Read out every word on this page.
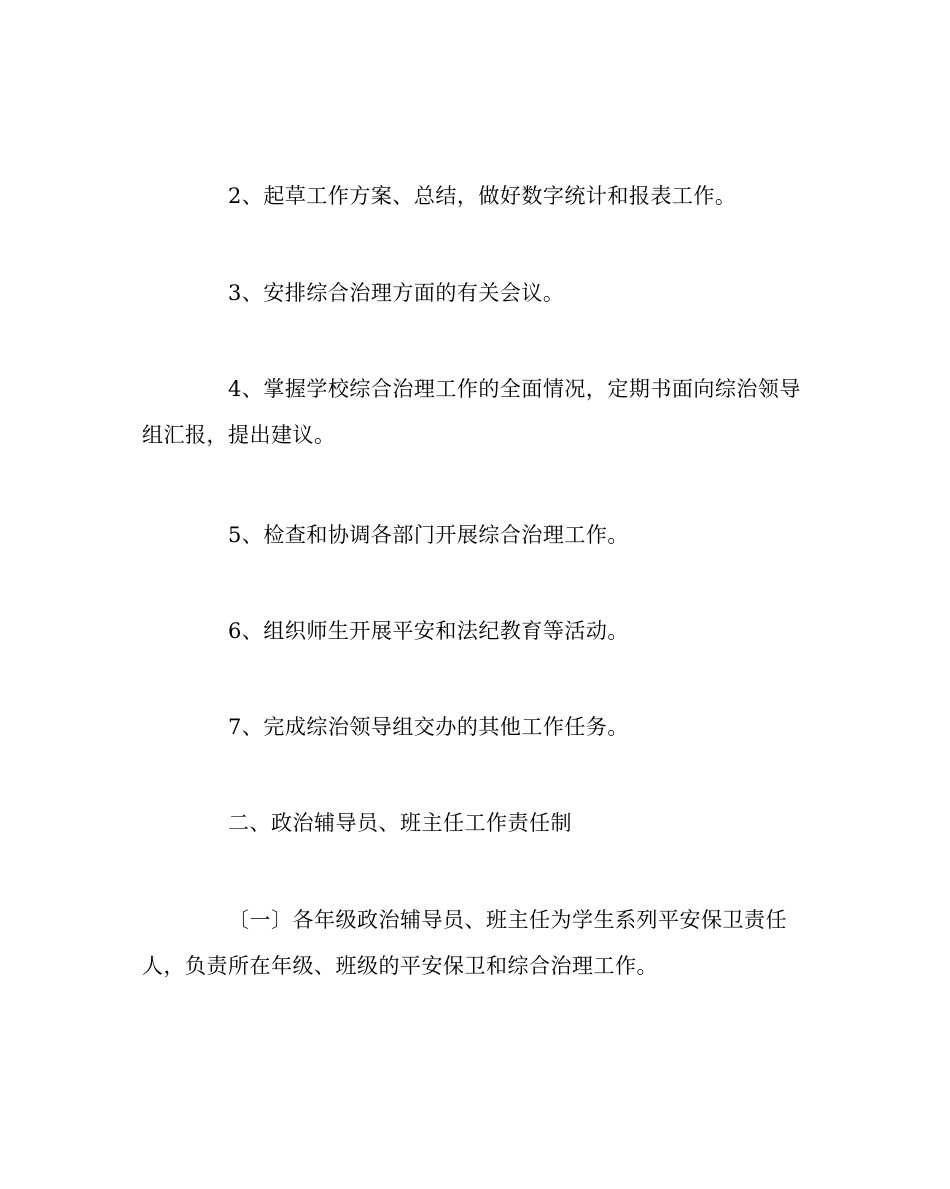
2、起草工作方案、总结，做好数字统计和报表工作。

3、安排综合治理方面的有关会议。

4、掌握学校综合治理工作的全面情况，定期书面向综治领导组汇报，提出建议。

5、检查和协调各部门开展综合治理工作。

6、组织师生开展平安和法纪教育等活动。

7、完成综治领导组交办的其他工作任务。

二、政治辅导员、班主任工作责任制

〔一〕各年级政治辅导员、班主任为学生系列平安保卫责任人，负责所在年级、班级的平安保卫和综合治理工作。
